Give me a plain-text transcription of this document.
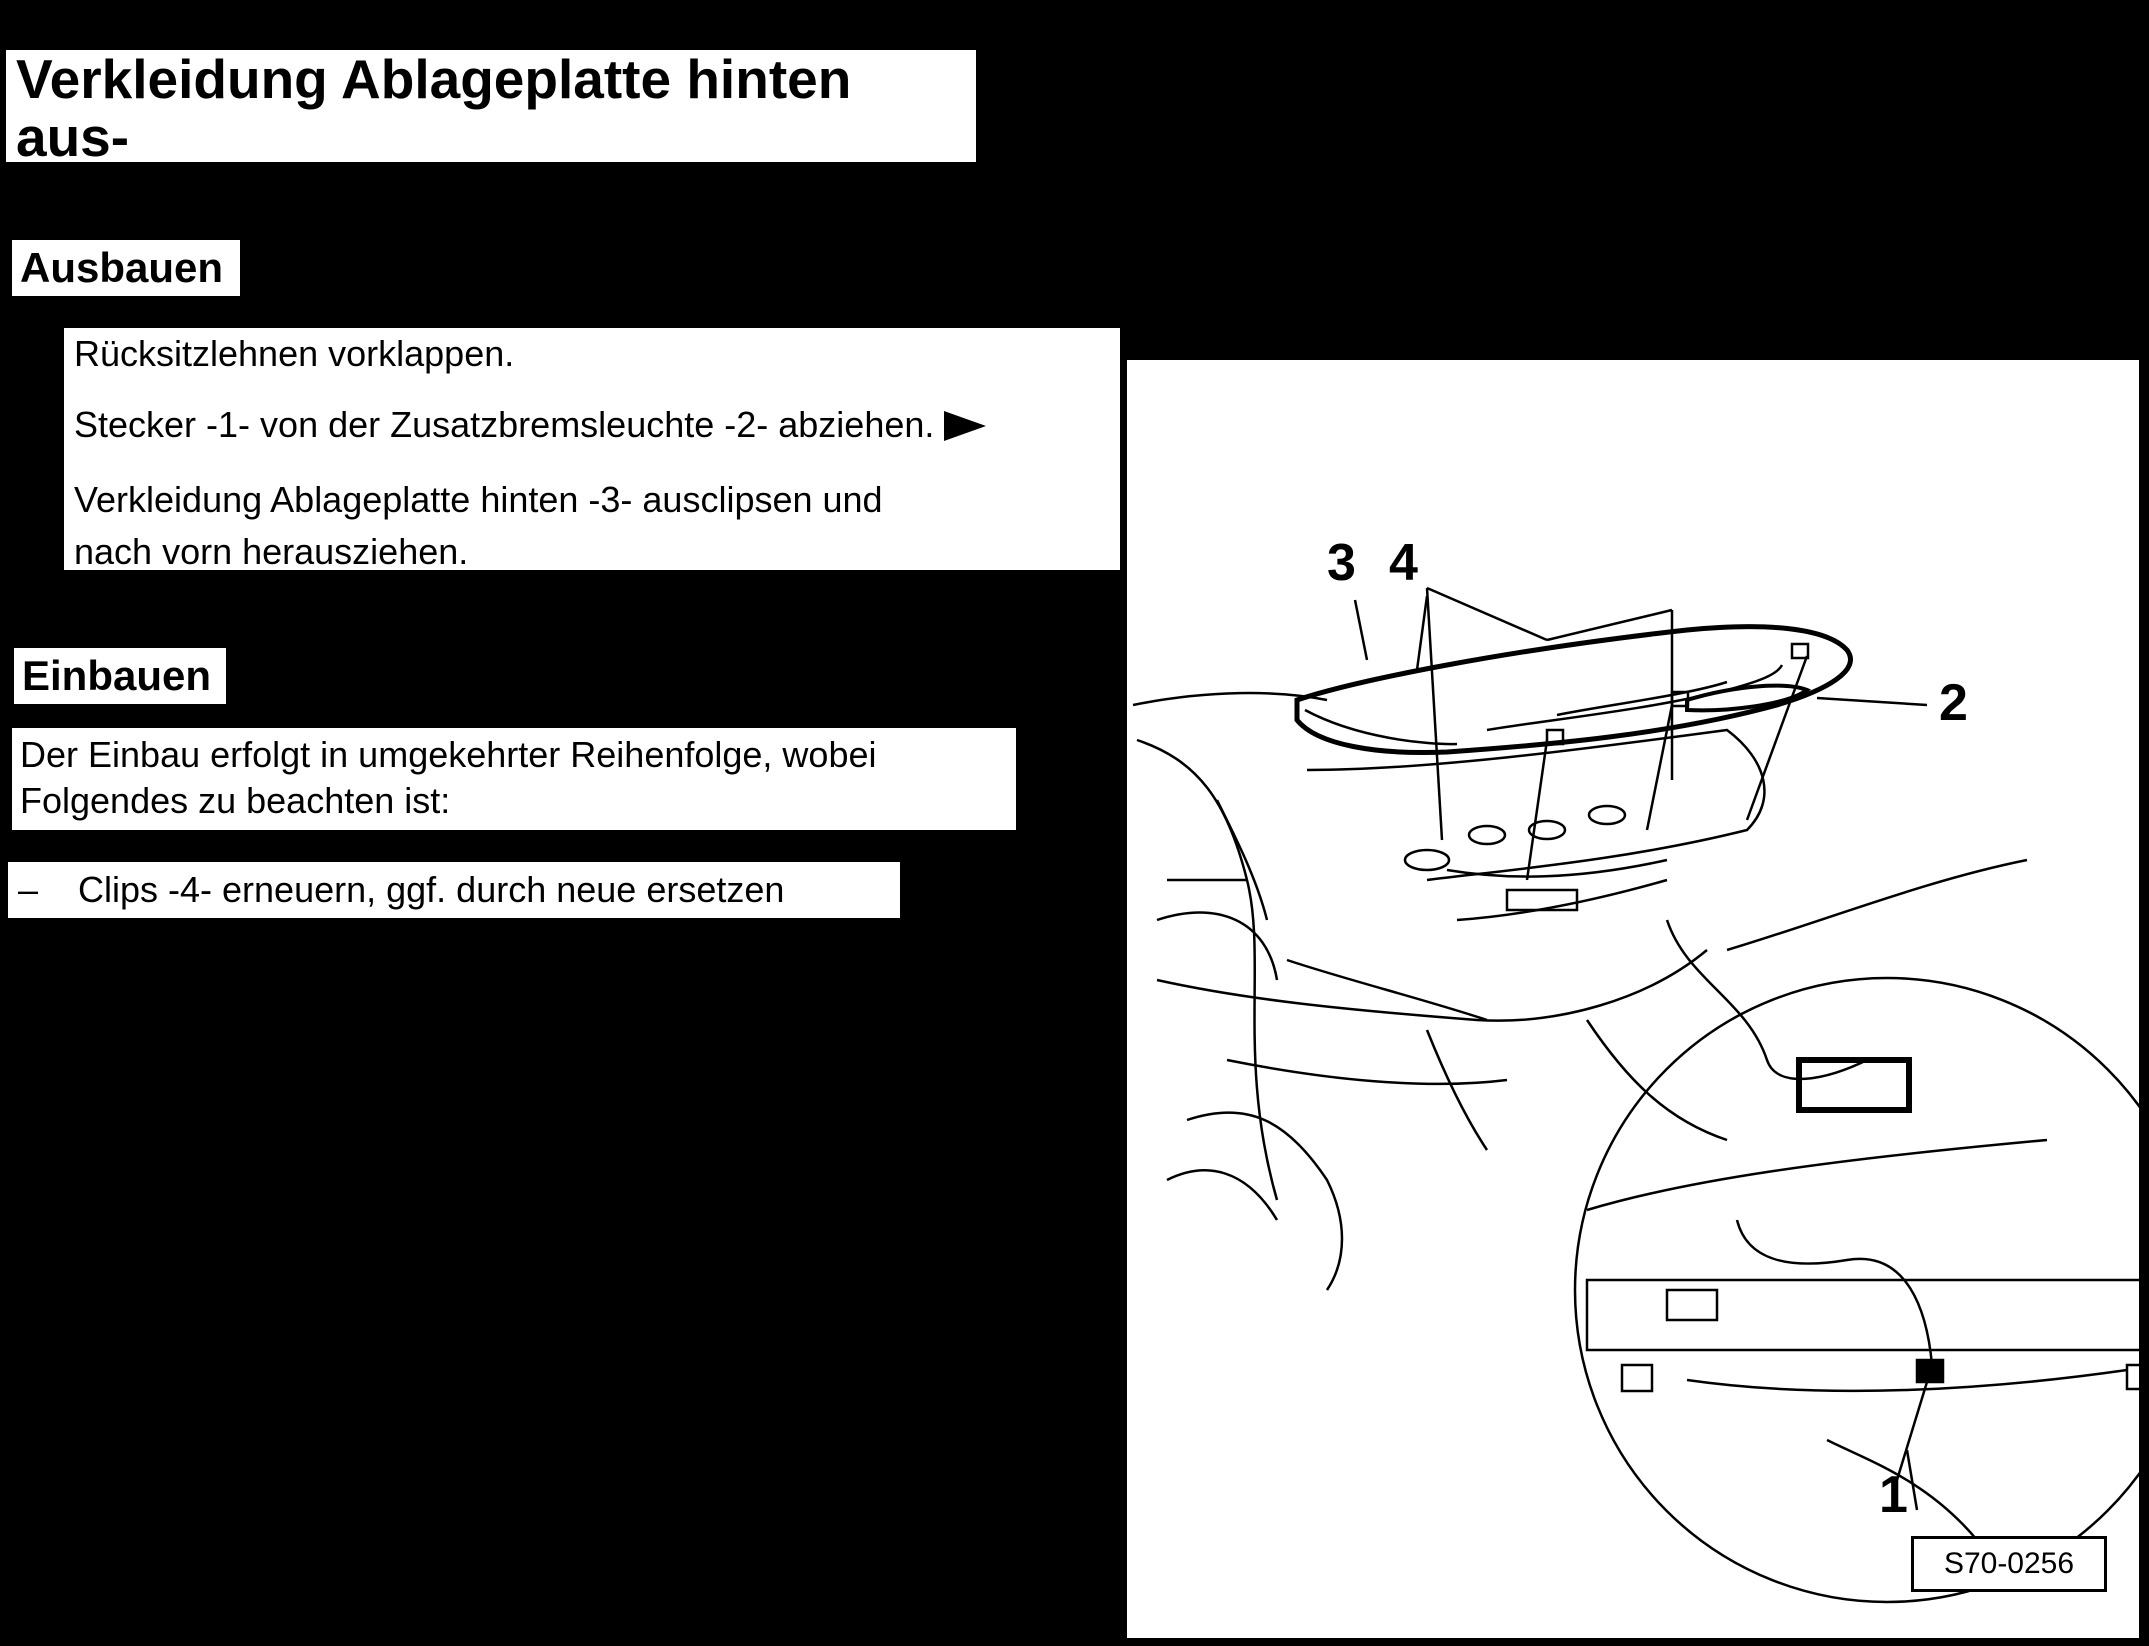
Verkleidung Ablageplatte hinten aus-
und einbauen
Ausbauen

Rücksitzlehnen vorklappen.

Stecker -1- von der Zusatzbremsleuchte -2- abziehen.

Verkleidung Ablageplatte hinten -3- ausclipsen und
nach vorn herausziehen.

Einbauen
Der Einbau erfolgt in umgekehrter Reihenfolge, wobei
Folgendes zu beachten ist:
– Clips -4- erneuern, ggf. durch neue ersetzen
3 4
2
1
S70-0256
